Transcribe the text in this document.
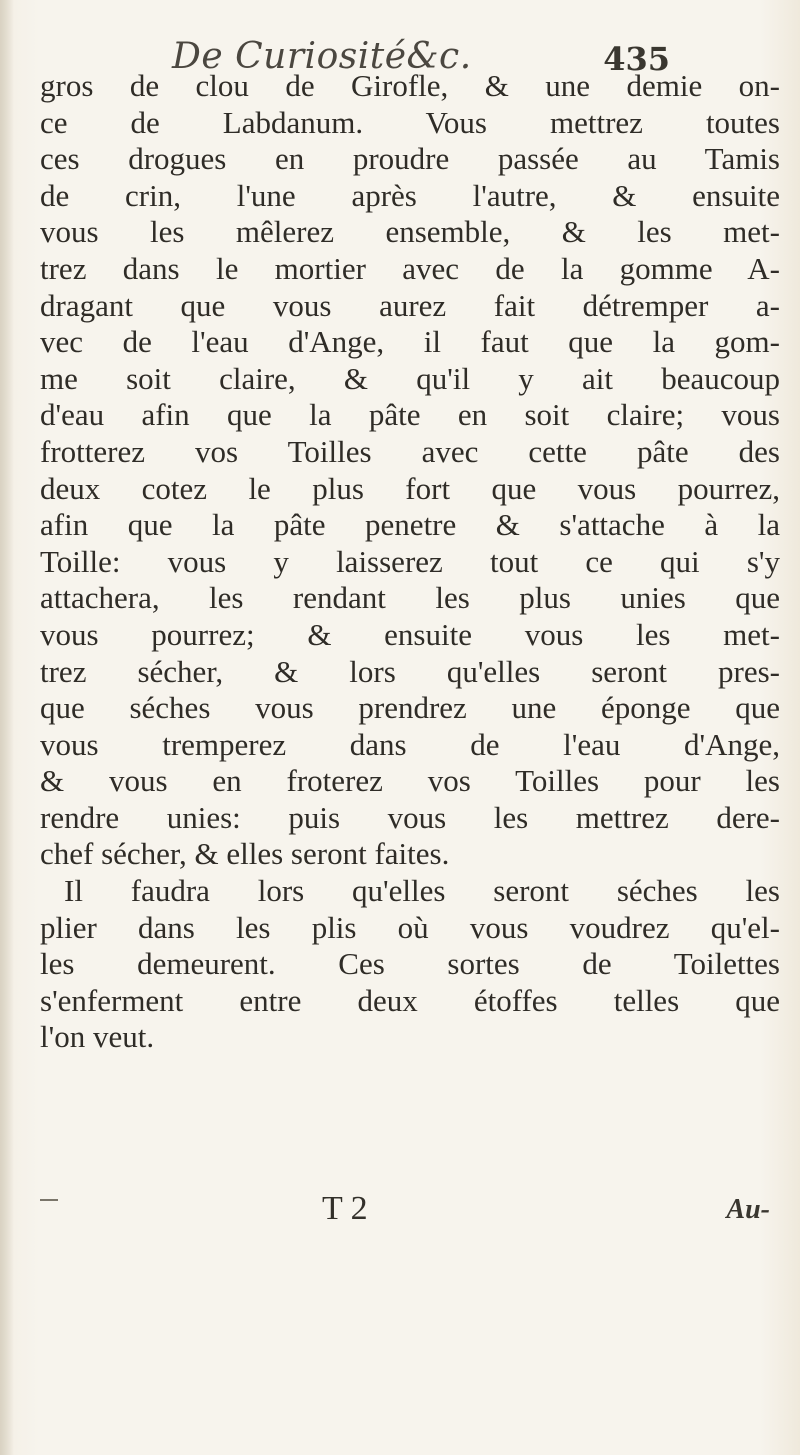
De Curiosité&c.	435
gros de clou de Girofle, & une demie on-
ce de Labdanum. Vous mettrez toutes
ces drogues en proudre passée au Tamis
de crin, l'une après l'autre, & ensuite
vous les mêlerez ensemble, & les met-
trez dans le mortier avec de la gomme A-
dragant que vous aurez fait détremper a-
vec de l'eau d'Ange, il faut que la gom-
me soit claire, & qu'il y ait beaucoup
d'eau afin que la pâte en soit claire; vous
frotterez vos Toilles avec cette pâte des
deux cotez le plus fort que vous pourrez,
afin que la pâte penetre & s'attache à la
Toille: vous y laisserez tout ce qui s'y
attachera, les rendant les plus unies que
vous pourrez; & ensuite vous les met-
trez sécher, & lors qu'elles seront pres-
que séches vous prendrez une éponge que
vous tremperez dans de l'eau d'Ange,
& vous en froterez vos Toilles pour les
rendre unies: puis vous les mettrez dere-
chef sécher, & elles seront faites.
Il faudra lors qu'elles seront séches les
plier dans les plis où vous voudrez qu'el-
les demeurent. Ces sortes de Toilettes
s'enferment entre deux étoffes telles que
l'on veut.
T 2	Au-
